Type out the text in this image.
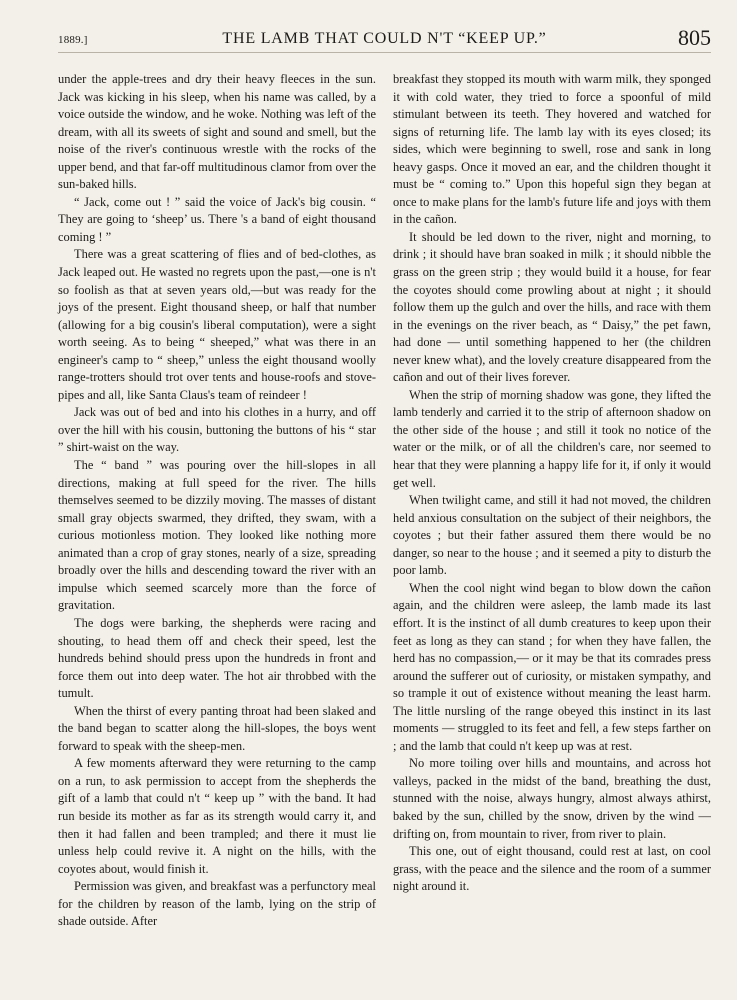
1889.]	THE LAMB THAT COULD N'T “KEEP UP.”	805

under the apple-trees and dry their heavy fleeces in the sun. Jack was kicking in his sleep, when his name was called, by a voice outside the window, and he woke. Nothing was left of the dream, with all its sweets of sight and sound and smell, but the noise of the river's continuous wrestle with the rocks of the upper bend, and that far-off multitudinous clamor from over the sun-baked hills.

“ Jack, come out ! ” said the voice of Jack's big cousin. “ They are going to ‘sheep’ us. There 's a band of eight thousand coming ! ”

There was a great scattering of flies and of bed-clothes, as Jack leaped out. He wasted no regrets upon the past,—one is n't so foolish as that at seven years old,—but was ready for the joys of the present. Eight thousand sheep, or half that number (allowing for a big cousin's liberal computation), were a sight worth seeing. As to being “ sheeped,” what was there in an engineer's camp to “ sheep,” unless the eight thousand woolly range-trotters should trot over tents and house-roofs and stove-pipes and all, like Santa Claus's team of reindeer !

Jack was out of bed and into his clothes in a hurry, and off over the hill with his cousin, buttoning the buttons of his “ star ” shirt-waist on the way.

The “ band ” was pouring over the hill-slopes in all directions, making at full speed for the river. The hills themselves seemed to be dizzily moving. The masses of distant small gray objects swarmed, they drifted, they swam, with a curious motionless motion. They looked like nothing more animated than a crop of gray stones, nearly of a size, spreading broadly over the hills and descending toward the river with an impulse which seemed scarcely more than the force of gravitation.

The dogs were barking, the shepherds were racing and shouting, to head them off and check their speed, lest the hundreds behind should press upon the hundreds in front and force them out into deep water. The hot air throbbed with the tumult.

When the thirst of every panting throat had been slaked and the band began to scatter along the hill-slopes, the boys went forward to speak with the sheep-men.

A few moments afterward they were returning to the camp on a run, to ask permission to accept from the shepherds the gift of a lamb that could n't “ keep up ” with the band. It had run beside its mother as far as its strength would carry it, and then it had fallen and been trampled; and there it must lie unless help could revive it. A night on the hills, with the coyotes about, would finish it.

Permission was given, and breakfast was a perfunctory meal for the children by reason of the lamb, lying on the strip of shade outside. After

breakfast they stopped its mouth with warm milk, they sponged it with cold water, they tried to force a spoonful of mild stimulant between its teeth. They hovered and watched for signs of returning life. The lamb lay with its eyes closed; its sides, which were beginning to swell, rose and sank in long heavy gasps. Once it moved an ear, and the children thought it must be “ coming to.” Upon this hopeful sign they began at once to make plans for the lamb's future life and joys with them in the cañon.

It should be led down to the river, night and morning, to drink ; it should have bran soaked in milk ; it should nibble the grass on the green strip ; they would build it a house, for fear the coyotes should come prowling about at night ; it should follow them up the gulch and over the hills, and race with them in the evenings on the river beach, as “ Daisy,” the pet fawn, had done — until something happened to her (the children never knew what), and the lovely creature disappeared from the cañon and out of their lives forever.

When the strip of morning shadow was gone, they lifted the lamb tenderly and carried it to the strip of afternoon shadow on the other side of the house ; and still it took no notice of the water or the milk, or of all the children's care, nor seemed to hear that they were planning a happy life for it, if only it would get well.

When twilight came, and still it had not moved, the children held anxious consultation on the subject of their neighbors, the coyotes ; but their father assured them there would be no danger, so near to the house ; and it seemed a pity to disturb the poor lamb.

When the cool night wind began to blow down the cañon again, and the children were asleep, the lamb made its last effort. It is the instinct of all dumb creatures to keep upon their feet as long as they can stand ; for when they have fallen, the herd has no compassion,— or it may be that its comrades press around the sufferer out of curiosity, or mistaken sympathy, and so trample it out of existence without meaning the least harm. The little nursling of the range obeyed this instinct in its last moments — struggled to its feet and fell, a few steps farther on ; and the lamb that could n't keep up was at rest.

No more toiling over hills and mountains, and across hot valleys, packed in the midst of the band, breathing the dust, stunned with the noise, always hungry, almost always athirst, baked by the sun, chilled by the snow, driven by the wind — drifting on, from mountain to river, from river to plain.

This one, out of eight thousand, could rest at last, on cool grass, with the peace and the silence and the room of a summer night around it.
